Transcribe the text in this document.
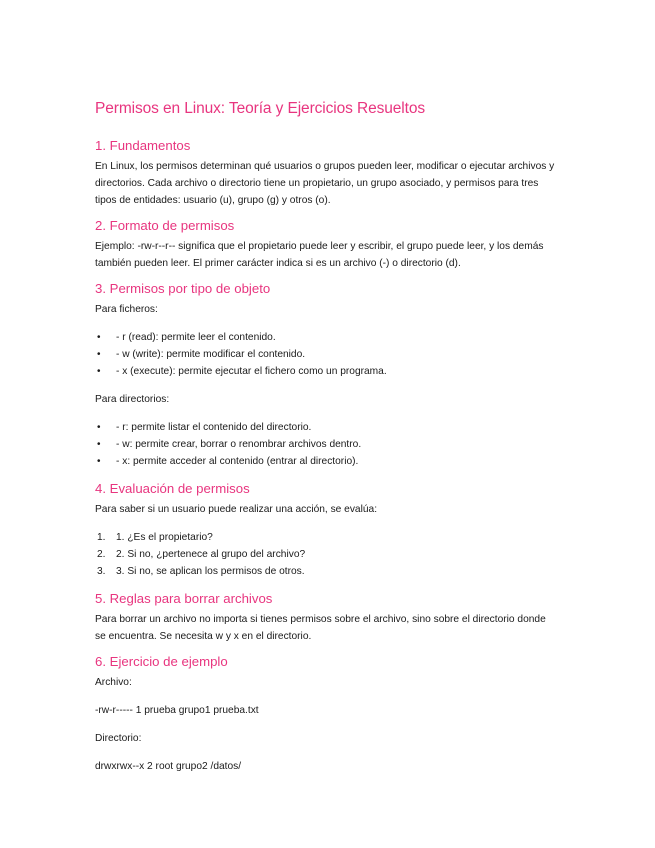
Permisos en Linux: Teoría y Ejercicios Resueltos
1. Fundamentos

En Linux, los permisos determinan qué usuarios o grupos pueden leer, modificar o ejecutar archivos y directorios. Cada archivo o directorio tiene un propietario, un grupo asociado, y permisos para tres tipos de entidades: usuario (u), grupo (g) y otros (o).

2. Formato de permisos

Ejemplo: -rw-r--r-- significa que el propietario puede leer y escribir, el grupo puede leer, y los demás también pueden leer. El primer carácter indica si es un archivo (-) o directorio (d).

3. Permisos por tipo de objeto

Para ficheros:

• - r (read): permite leer el contenido.
• - w (write): permite modificar el contenido.
• - x (execute): permite ejecutar el fichero como un programa.

Para directorios:

• - r: permite listar el contenido del directorio.
• - w: permite crear, borrar o renombrar archivos dentro.
• - x: permite acceder al contenido (entrar al directorio).
4. Evaluación de permisos

Para saber si un usuario puede realizar una acción, se evalúa:

1. 1. ¿Es el propietario?
2. 2. Si no, ¿pertenece al grupo del archivo?
3. 3. Si no, se aplican los permisos de otros.
5. Reglas para borrar archivos

Para borrar un archivo no importa si tienes permisos sobre el archivo, sino sobre el directorio donde se encuentra. Se necesita w y x en el directorio.

6. Ejercicio de ejemplo

Archivo:

-rw-r----- 1 prueba grupo1 prueba.txt

Directorio:

drwxrwx--x 2 root grupo2 /datos/
